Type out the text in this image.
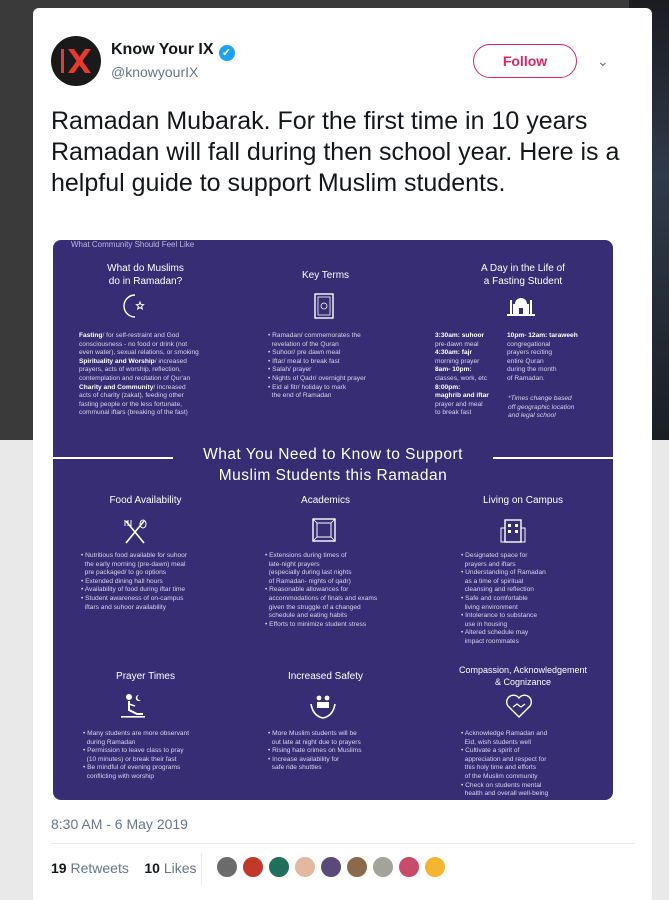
Know Your IX ✓
@knowyourIX
Follow	⌄
Ramadan Mubarak. For the first time in 10 years Ramadan will fall during then school year. Here is a helpful guide to support Muslim students.
What Community Should Feel Like
What do Muslims
do in Ramadan?
Fasting/ for self-restraint and God
consciousness - no food or drink (not
even water), sexual relations, or smoking
Spirituality and Worship/ increased
prayers, acts of worship, reflection,
contemplation and recitation of Qur'an
Charity and Community/ increased
acts of charity (zakat), feeding other
fasting people or the less fortunate,
communal iftars (breaking of the fast)
Key Terms
• Ramadan/ commemorates the
revelation of the Quran
• Suhoor/ pre dawn meal
• Iftar/ meal to break fast
• Salah/ prayer
• Nights of Qadr/ overnight prayer
• Eid al fitr/ holiday to mark
the end of Ramadan
A Day in the Life of
a Fasting Student
3:30am: suhoor
pre-dawn meal
4:30am: fajr
morning prayer
8am- 10pm:
classes, work, etc
8:00pm:
maghrib and iftar
prayer and meal
to break fast
10pm- 12am: taraweeh
congregational
prayers reciting
entire Quran
during the month
of Ramadan.
*Times change based
off geographic location
and legal school
What You Need to Know to Support
Muslim Students this Ramadan
Food Availability
• Nutritious food available for suhoor
the early morning (pre-dawn) meal
pre packaged/ to go options
• Extended dining hall hours
• Availability of food during iftar time
• Student awareness of on-campus
iftars and suhoor availability
Academics
• Extensions during times of
late-night prayers
(especially during last nights
of Ramadan- nights of qadr)
• Reasonable allowances for
accommodations of finals and exams
given the struggle of a changed
schedule and eating habits
• Efforts to minimize student stress
Living on Campus
• Designated space for
prayers and iftars
• Understanding of Ramadan
as a time of spiritual
cleansing and reflection
• Safe and comfortable
living environment
• Intolerance to substance
use in housing
• Altered schedule may
impact roommates
Prayer Times
• Many students are more observant
during Ramadan
• Permission to leave class to pray
(10 minutes) or break their fast
• Be mindful of evening programs
conflicting with worship
Increased Safety
• More Muslim students will be
out late at night due to prayers
• Rising hate crimes on Muslims
• Increase availability for
safe ride shuttles
Compassion, Acknowledgement
& Cognizance
• Acknowledge Ramadan and
Eid, wish students well
• Cultivate a spirit of
appreciation and respect for
this holy time and efforts
of the Muslim community
• Check on students mental
health and overall well-being
8:30 AM - 6 May 2019
19 Retweets 10 Likes
